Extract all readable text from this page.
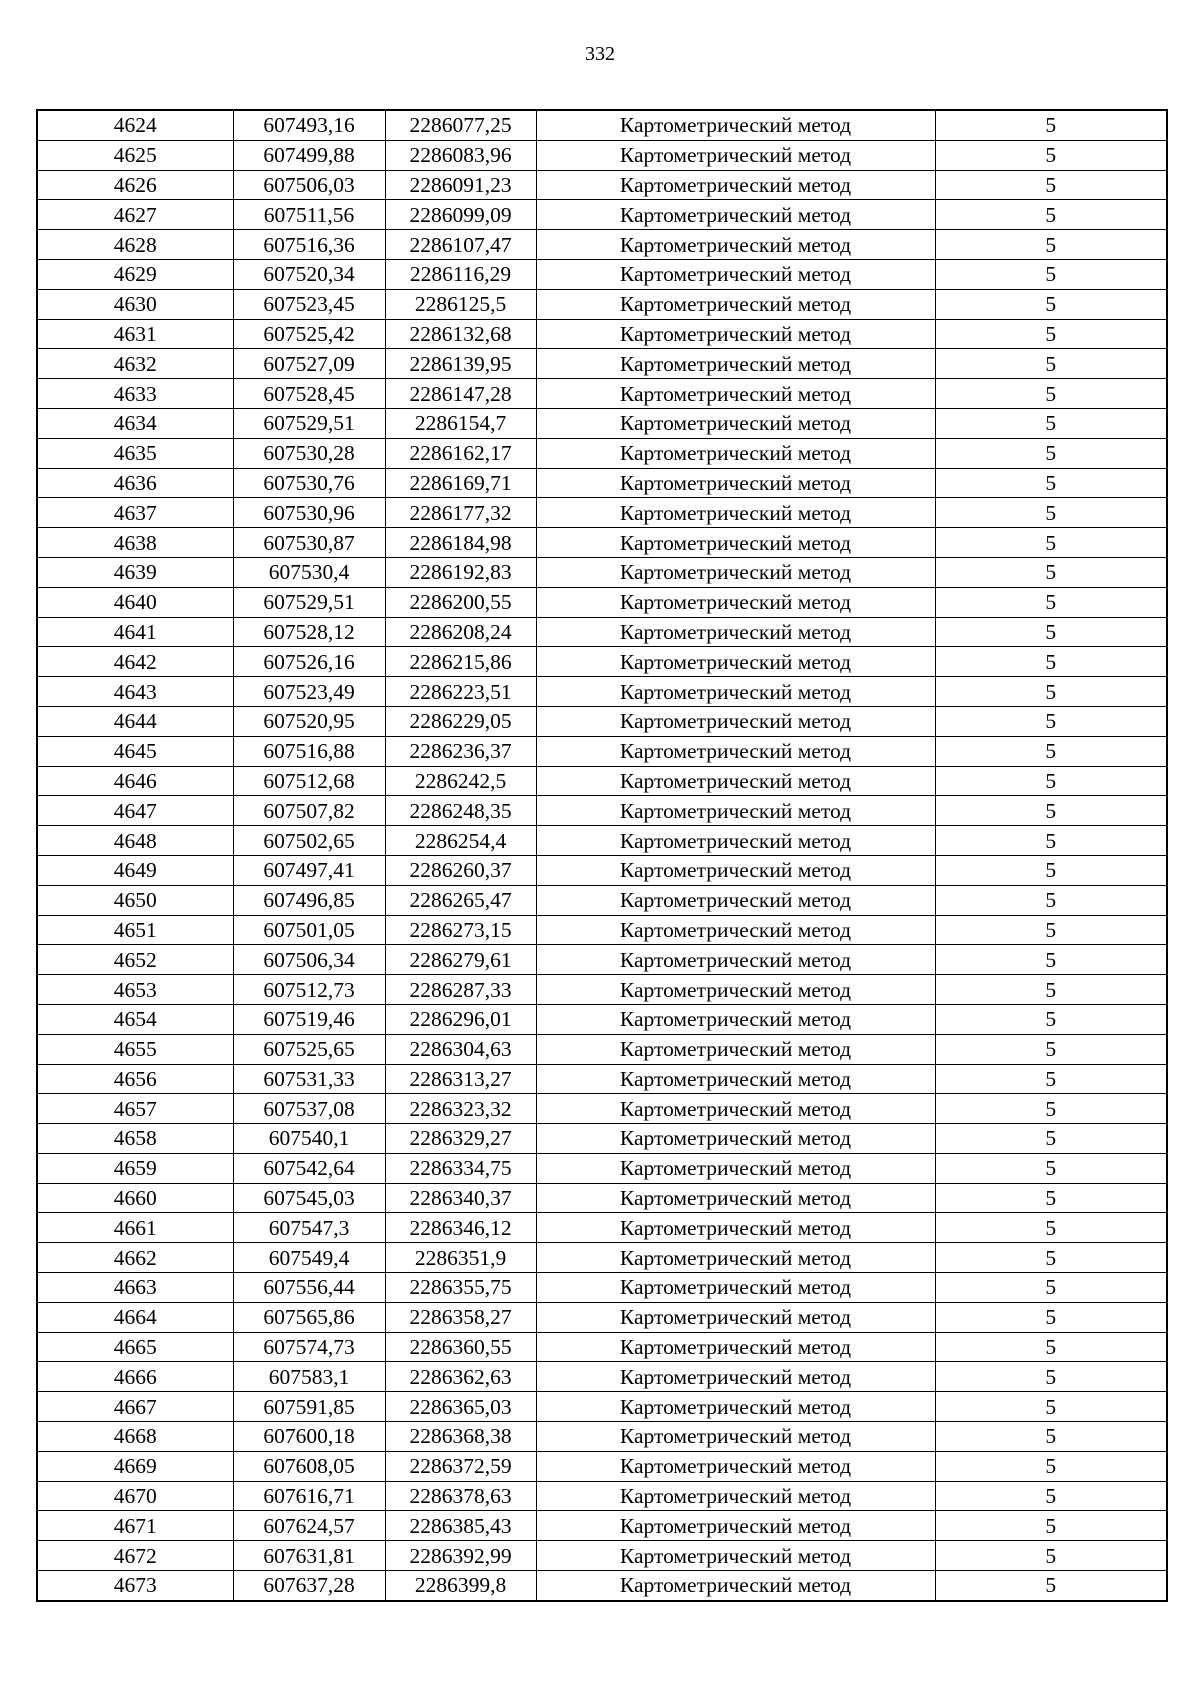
332
4624	607493,16	2286077,25	Картометрический метод	5
4625	607499,88	2286083,96	Картометрический метод	5
4626	607506,03	2286091,23	Картометрический метод	5
4627	607511,56	2286099,09	Картометрический метод	5
4628	607516,36	2286107,47	Картометрический метод	5
4629	607520,34	2286116,29	Картометрический метод	5
4630	607523,45	2286125,5	Картометрический метод	5
4631	607525,42	2286132,68	Картометрический метод	5
4632	607527,09	2286139,95	Картометрический метод	5
4633	607528,45	2286147,28	Картометрический метод	5
4634	607529,51	2286154,7	Картометрический метод	5
4635	607530,28	2286162,17	Картометрический метод	5
4636	607530,76	2286169,71	Картометрический метод	5
4637	607530,96	2286177,32	Картометрический метод	5
4638	607530,87	2286184,98	Картометрический метод	5
4639	607530,4	2286192,83	Картометрический метод	5
4640	607529,51	2286200,55	Картометрический метод	5
4641	607528,12	2286208,24	Картометрический метод	5
4642	607526,16	2286215,86	Картометрический метод	5
4643	607523,49	2286223,51	Картометрический метод	5
4644	607520,95	2286229,05	Картометрический метод	5
4645	607516,88	2286236,37	Картометрический метод	5
4646	607512,68	2286242,5	Картометрический метод	5
4647	607507,82	2286248,35	Картометрический метод	5
4648	607502,65	2286254,4	Картометрический метод	5
4649	607497,41	2286260,37	Картометрический метод	5
4650	607496,85	2286265,47	Картометрический метод	5
4651	607501,05	2286273,15	Картометрический метод	5
4652	607506,34	2286279,61	Картометрический метод	5
4653	607512,73	2286287,33	Картометрический метод	5
4654	607519,46	2286296,01	Картометрический метод	5
4655	607525,65	2286304,63	Картометрический метод	5
4656	607531,33	2286313,27	Картометрический метод	5
4657	607537,08	2286323,32	Картометрический метод	5
4658	607540,1	2286329,27	Картометрический метод	5
4659	607542,64	2286334,75	Картометрический метод	5
4660	607545,03	2286340,37	Картометрический метод	5
4661	607547,3	2286346,12	Картометрический метод	5
4662	607549,4	2286351,9	Картометрический метод	5
4663	607556,44	2286355,75	Картометрический метод	5
4664	607565,86	2286358,27	Картометрический метод	5
4665	607574,73	2286360,55	Картометрический метод	5
4666	607583,1	2286362,63	Картометрический метод	5
4667	607591,85	2286365,03	Картометрический метод	5
4668	607600,18	2286368,38	Картометрический метод	5
4669	607608,05	2286372,59	Картометрический метод	5
4670	607616,71	2286378,63	Картометрический метод	5
4671	607624,57	2286385,43	Картометрический метод	5
4672	607631,81	2286392,99	Картометрический метод	5
4673	607637,28	2286399,8	Картометрический метод	5
